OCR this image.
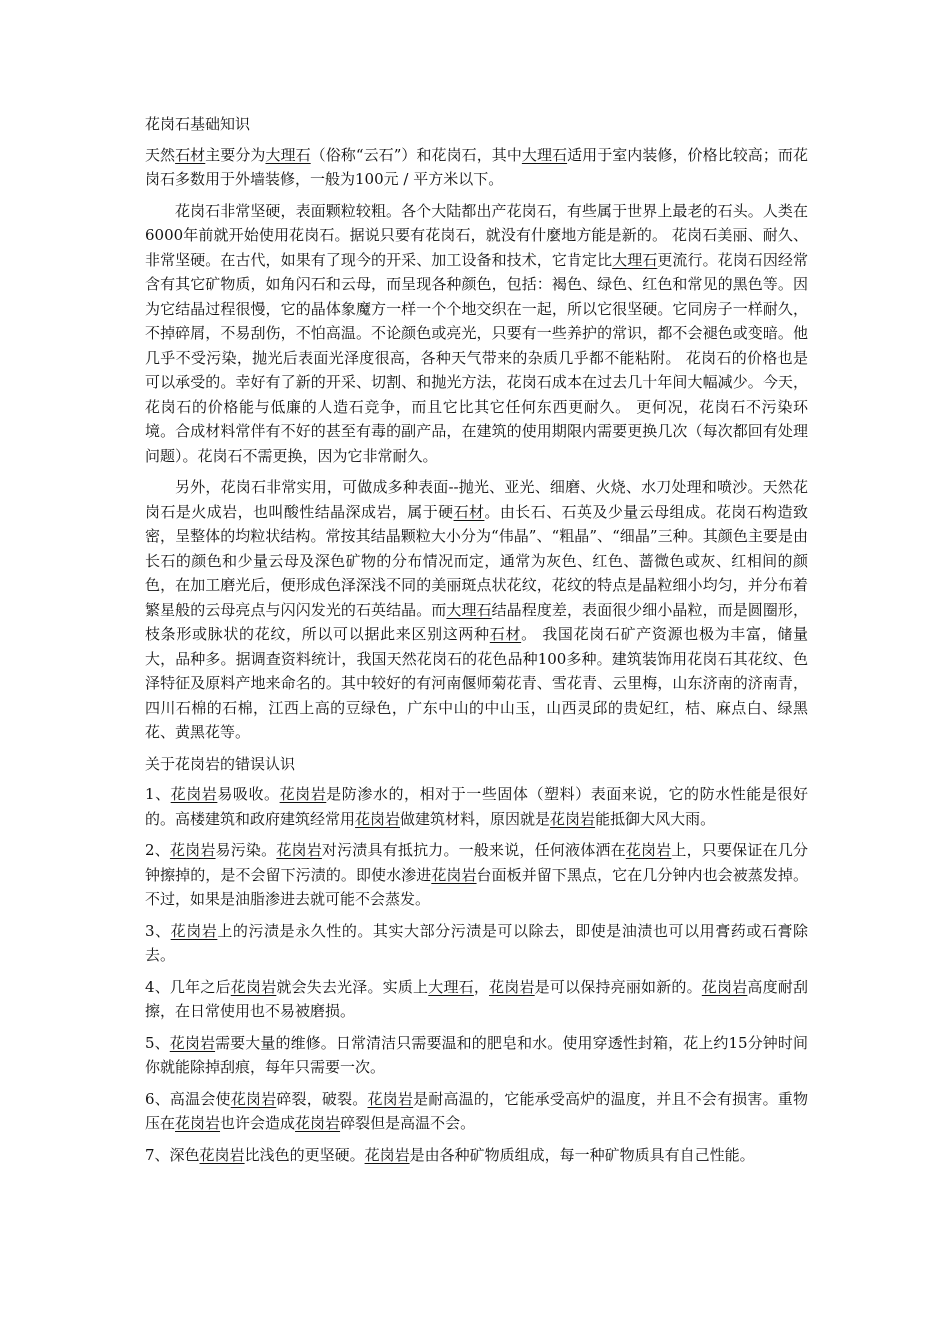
花岗石基础知识
天然石材主要分为大理石（俗称“云石”）和花岗石，其中大理石适用于室内装修，价格比较高；而花岗石多数用于外墙装修，一般为100元 / 平方米以下。
花岗石非常坚硬，表面颗粒较粗。各个大陆都出产花岗石，有些属于世界上最老的石头。人类在6000年前就开始使用花岗石。据说只要有花岗石，就没有什麼地方能是新的。 花岗石美丽、耐久、非常坚硬。在古代，如果有了现今的开采、加工设备和技术，它肯定比大理石更流行。花岗石因经常含有其它矿物质，如角闪石和云母，而呈现各种颜色，包括：褐色、绿色、红色和常见的黑色等。因为它结晶过程很慢，它的晶体象魔方一样一个个地交织在一起，所以它很坚硬。它同房子一样耐久，不掉碎屑，不易刮伤，不怕高温。不论颜色或亮光，只要有一些养护的常识，都不会褪色或变暗。他几乎不受污染，抛光后表面光泽度很高，各种天气带来的杂质几乎都不能粘附。 花岗石的价格也是可以承受的。幸好有了新的开采、切割、和抛光方法，花岗石成本在过去几十年间大幅减少。今天，花岗石的价格能与低廉的人造石竞争，而且它比其它任何东西更耐久。 更何况，花岗石不污染环境。合成材料常伴有不好的甚至有毒的副产品，在建筑的使用期限内需要更换几次（每次都回有处理问题）。花岗石不需更换，因为它非常耐久。
另外，花岗石非常实用，可做成多种表面--抛光、亚光、细磨、火烧、水刀处理和喷沙。天然花岗石是火成岩，也叫酸性结晶深成岩，属于硬石材。由长石、石英及少量云母组成。花岗石构造致密，呈整体的均粒状结构。常按其结晶颗粒大小分为“伟晶”、“粗晶”、“细晶”三种。其颜色主要是由长石的颜色和少量云母及深色矿物的分布情况而定，通常为灰色、红色、蔷微色或灰、红相间的颜色，在加工磨光后，便形成色泽深浅不同的美丽斑点状花纹，花纹的特点是晶粒细小均匀，并分布着繁星般的云母亮点与闪闪发光的石英结晶。而大理石结晶程度差，表面很少细小晶粒，而是圆圈形，枝条形或脉状的花纹，所以可以据此来区别这两种石材。 我国花岗石矿产资源也极为丰富，储量大，品种多。据调查资料统计，我国天然花岗石的花色品种100多种。建筑装饰用花岗石其花纹、色泽特征及原料产地来命名的。其中较好的有河南偃师菊花青、雪花青、云里梅，山东济南的济南青，四川石棉的石棉，江西上高的豆绿色，广东中山的中山玉，山西灵邱的贵妃红，桔、麻点白、绿黑花、黄黑花等。
关于花岗岩的错误认识
1、花岗岩易吸收。花岗岩是防渗水的，相对于一些固体（塑料）表面来说，它的防水性能是很好的。高楼建筑和政府建筑经常用花岗岩做建筑材料，原因就是花岗岩能抵御大风大雨。
2、花岗岩易污染。花岗岩对污渍具有抵抗力。一般来说，任何液体洒在花岗岩上，只要保证在几分钟擦掉的，是不会留下污渍的。即使水渗进花岗岩台面板并留下黑点，它在几分钟内也会被蒸发掉。不过，如果是油脂渗进去就可能不会蒸发。
3、花岗岩上的污渍是永久性的。其实大部分污渍是可以除去，即使是油渍也可以用膏药或石膏除去。
4、几年之后花岗岩就会失去光泽。实质上大理石，花岗岩是可以保持亮丽如新的。花岗岩高度耐刮擦，在日常使用也不易被磨损。
5、花岗岩需要大量的维修。日常清洁只需要温和的肥皂和水。使用穿透性封箱，花上约15分钟时间你就能除掉刮痕，每年只需要一次。
6、高温会使花岗岩碎裂，破裂。花岗岩是耐高温的，它能承受高炉的温度，并且不会有损害。重物压在花岗岩也许会造成花岗岩碎裂但是高温不会。
7、深色花岗岩比浅色的更坚硬。花岗岩是由各种矿物质组成，每一种矿物质具有自己性能。
